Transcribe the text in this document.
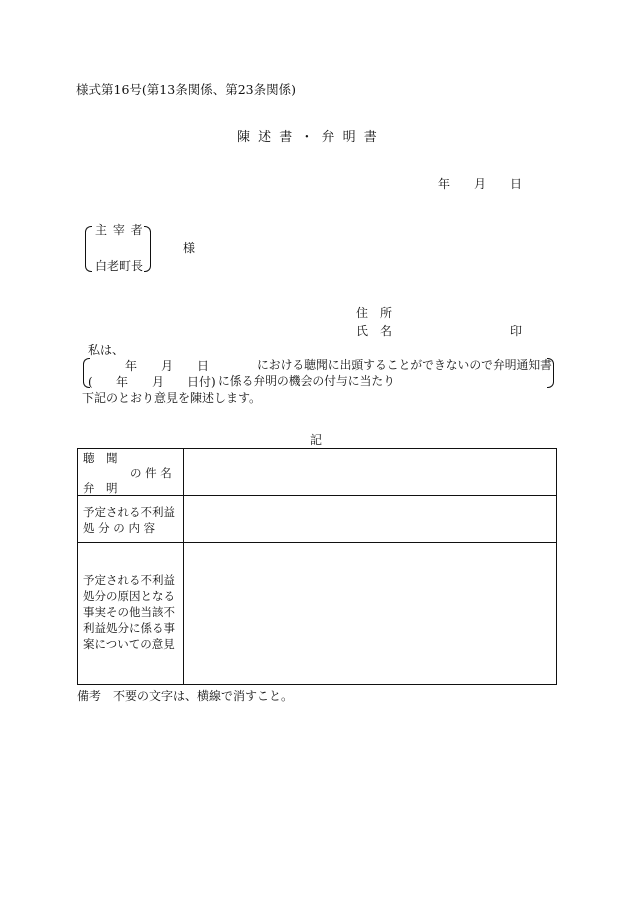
様式第16号(第13条関係、第23条関係)
陳 述 書 ・ 弁 明 書
年 月 日
主 宰 者
白老町長
様
住　所
氏　名	印
私は、
年 月 日	における聴聞に出頭することができないので弁明通知書
( 年 月 日付) に係る弁明の機会の付与に当たり
下記のとおり意見を陳述します。
記
聴　聞
の 件 名
弁　明	

予定される不利益
処 分 の 内 容	

予定される不利益
処分の原因となる
事実その他当該不
利益処分に係る事
案についての意見	

備考　不要の文字は、横線で消すこと。
